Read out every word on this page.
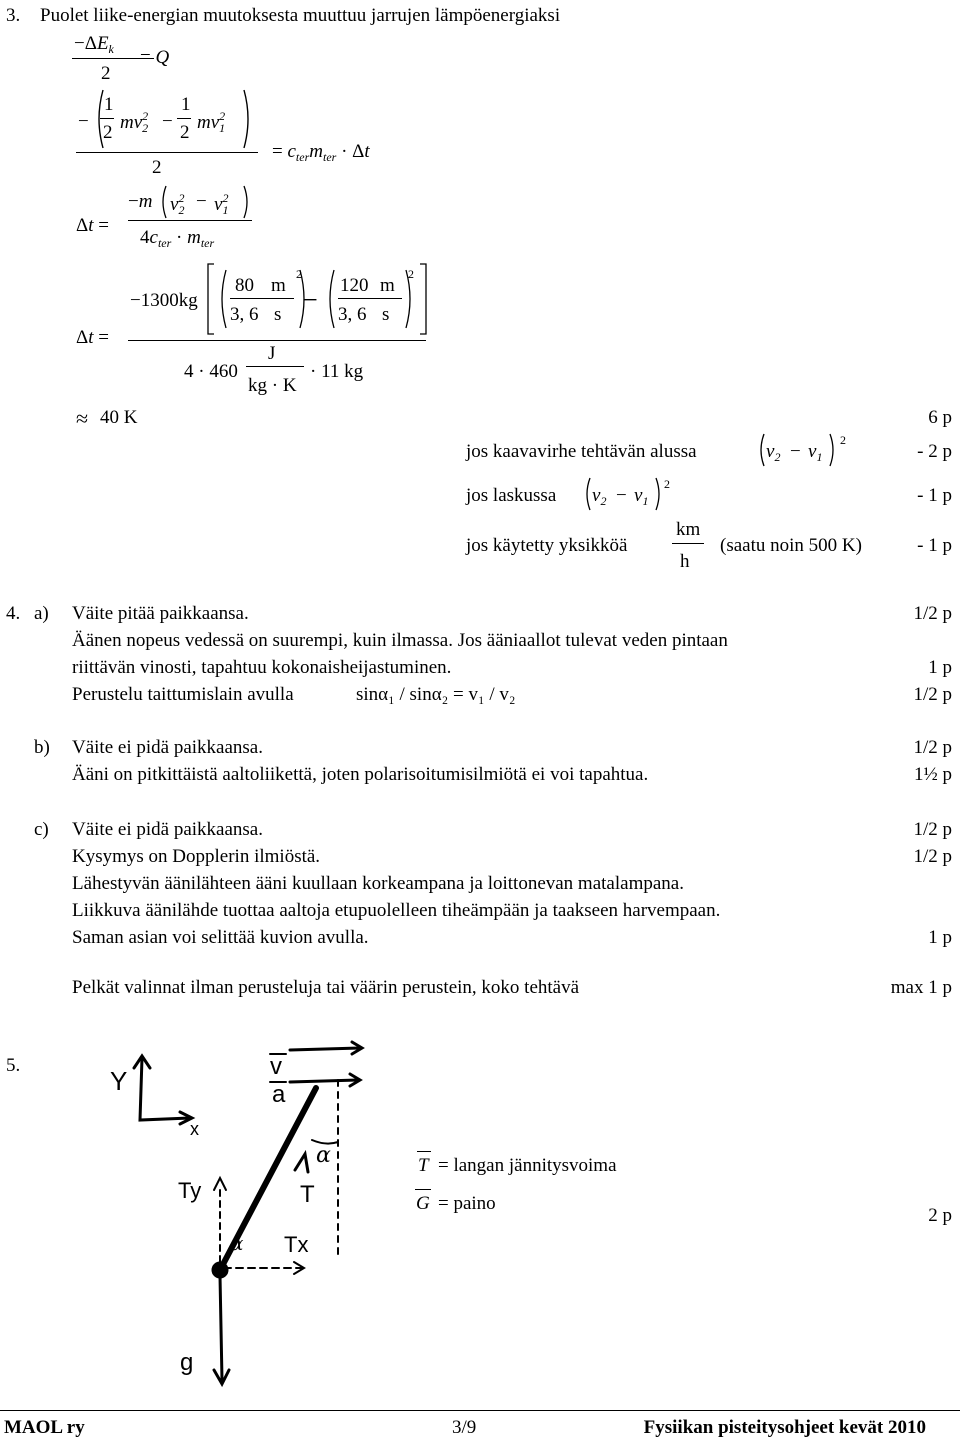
3. Puolet liike-energian muutoksesta muuttuu jarrujen lämpöenergiaksi
$-\Delta E_k$
2
= Q
−
1
2 $mv_2^2$ −
1
2 $mv_1^2$
2
= $c_{ter}m_{ter} \cdot \Delta t$
Δt =
−m $v_2^2 - v_1^2$
$4c_{ter} \cdot m_{ter}$
Δt =
−1300kg
80 m
3, 6 s − 120 m
3, 6 s
2	2
4 · 460
J
kg · K
· 11 kg
≈ 40 K	6 p
jos kaavavirhe tehtävän alussa	$v_2 - v_1$
2
- 2 p
jos laskussa $v_2 - v_1$
2
- 1 p
jos käytetty yksikköä
km
h
(saatu noin 500 K)	- 1 p
4. a) Väite pitää paikkaansa.	1/2 p
Äänen nopeus vedessä on suurempi, kuin ilmassa. Jos ääniaallot tulevat veden pintaan
riittävän vinosti, tapahtuu kokonaisheijastuminen.	1 p
Perustelu taittumislain avulla	sinα₁ / sinα₂ = v₁ / v₂	1/2 p
b) Väite ei pidä paikkaansa.	1/2 p
Ääni on pitkittäistä aaltoliikettä, joten polarisoitumisilmiötä ei voi tapahtua.	1½ p
c) Väite ei pidä paikkaansa.	1/2 p
Kysymys on Dopplerin ilmiöstä.	1/2 p
Lähestyvän äänilähteen ääni kuullaan korkeampana ja loittonevan matalampana.
Liikkuva äänilähde tuottaa aaltoja etupuolelleen tiheämpään ja taakseen harvempaan.
Saman asian voi selittää kuvion avulla.	1 p
Pelkät valinnat ilman perusteluja tai väärin perustein, koko tehtävä	max 1 p
5.
Y
x
v
a
α
T
Ty
α Tx
g
T = langan jännitysvoima
G = paino
2 p
MAOL ry	3/9	Fysiikan pisteitysohjeet kevät 2010
